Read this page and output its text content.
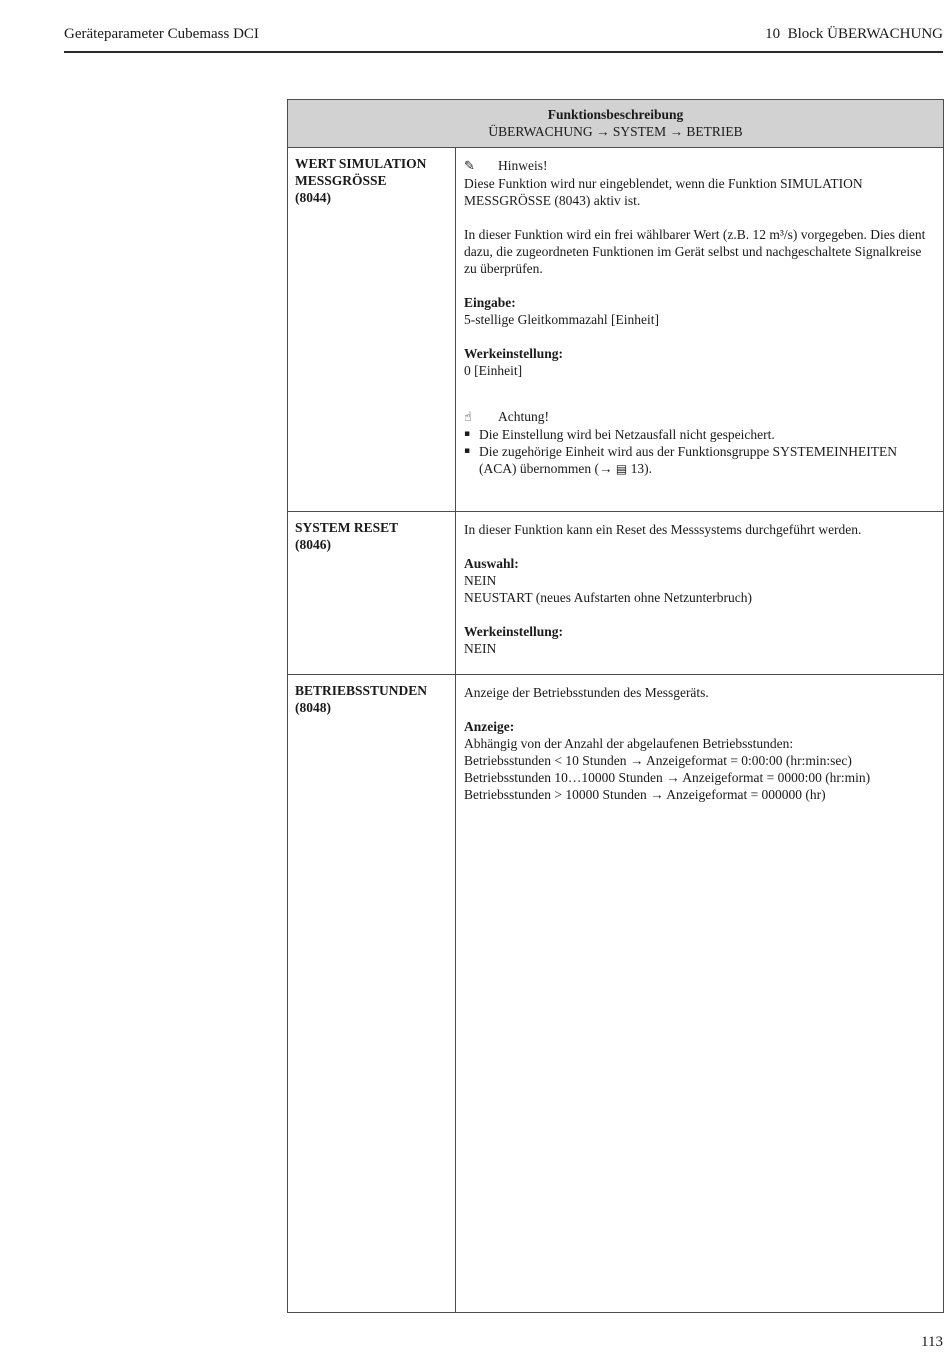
Geräteparameter Cubemass DCI	10  Block ÜBERWACHUNG
Funktionsbeschreibung
ÜBERWACHUNG → SYSTEM → BETRIEB
WERT SIMULATION
MESSGRÖSSE
(8044)
✎ Hinweis!
Diese Funktion wird nur eingeblendet, wenn die Funktion SIMULATION MESSGRÖSSE (8043) aktiv ist.
In dieser Funktion wird ein frei wählbarer Wert (z.B. 12 m³/s) vorgegeben. Dies dient dazu, die zugeordneten Funktionen im Gerät selbst und nachgeschaltete Signalkreise zu überprüfen.
Eingabe:
5-stellige Gleitkommazahl [Einheit]
Werkeinstellung:
0 [Einheit]
☝ Achtung!
▪ Die Einstellung wird bei Netzausfall nicht gespeichert.
▪ Die zugehörige Einheit wird aus der Funktionsgruppe SYSTEMEINHEITEN (ACA) übernommen (→ ▤ 13).
SYSTEM RESET
(8046)
In dieser Funktion kann ein Reset des Messsystems durchgeführt werden.
Auswahl:
NEIN
NEUSTART (neues Aufstarten ohne Netzunterbruch)
Werkeinstellung:
NEIN
BETRIEBSSTUNDEN
(8048)
Anzeige der Betriebsstunden des Messgeräts.
Anzeige:
Abhängig von der Anzahl der abgelaufenen Betriebsstunden:
Betriebsstunden < 10 Stunden → Anzeigeformat = 0:00:00 (hr:min:sec)
Betriebsstunden 10…10000 Stunden → Anzeigeformat = 0000:00 (hr:min)
Betriebsstunden > 10000 Stunden → Anzeigeformat = 000000 (hr)
113
